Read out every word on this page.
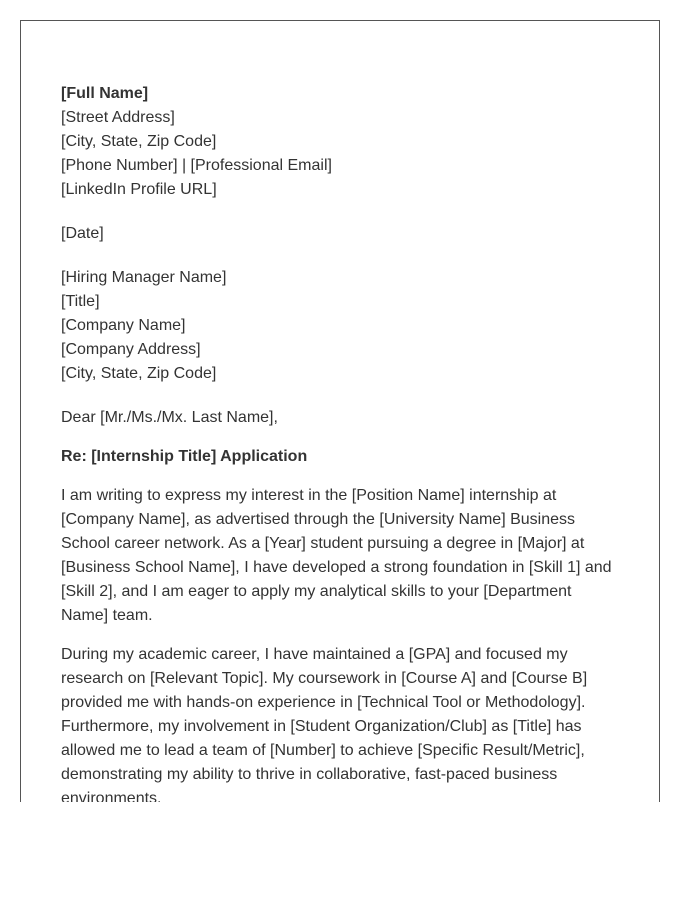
[Full Name]
[Street Address]
[City, State, Zip Code]
[Phone Number] | [Professional Email]
[LinkedIn Profile URL]
[Date]
[Hiring Manager Name]
[Title]
[Company Name]
[Company Address]
[City, State, Zip Code]
Dear [Mr./Ms./Mx. Last Name],
Re: [Internship Title] Application
I am writing to express my interest in the [Position Name] internship at
[Company Name], as advertised through the [University Name] Business
School career network. As a [Year] student pursuing a degree in [Major] at
[Business School Name], I have developed a strong foundation in [Skill 1] and
[Skill 2], and I am eager to apply my analytical skills to your [Department
Name] team.
During my academic career, I have maintained a [GPA] and focused my
research on [Relevant Topic]. My coursework in [Course A] and [Course B]
provided me with hands-on experience in [Technical Tool or Methodology].
Furthermore, my involvement in [Student Organization/Club] as [Title] has
allowed me to lead a team of [Number] to achieve [Specific Result/Metric],
demonstrating my ability to thrive in collaborative, fast-paced business
environments.
